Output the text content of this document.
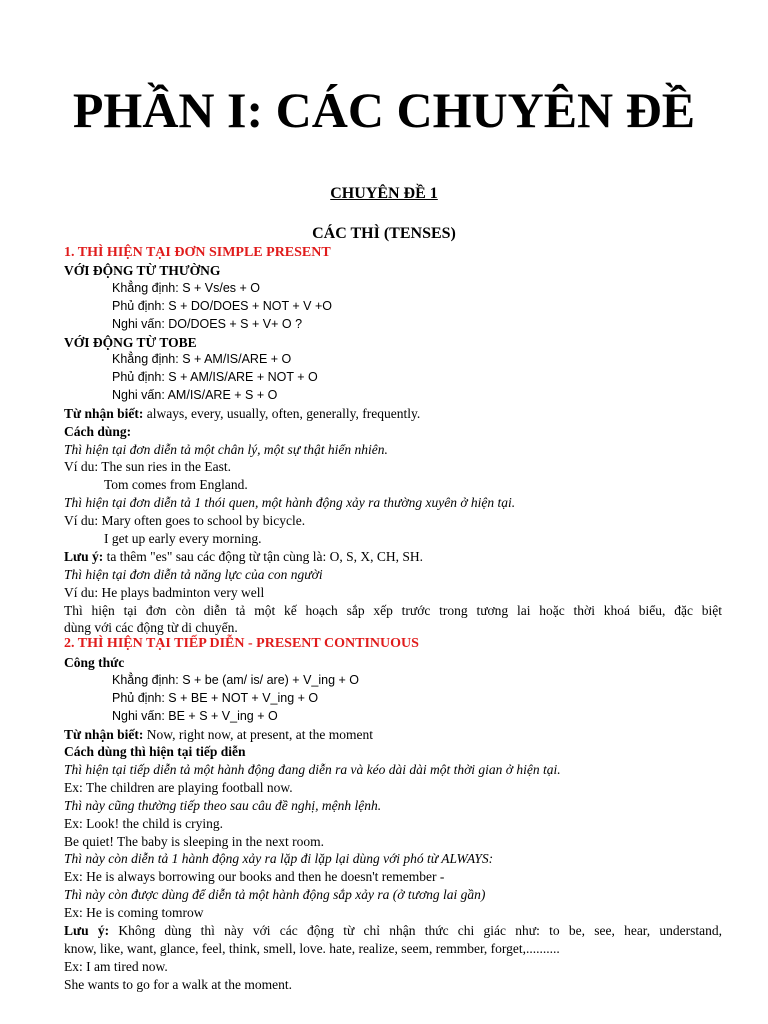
PHẦN I: CÁC CHUYÊN ĐỀ
CHUYÊN ĐỀ 1
CÁC THÌ (TENSES)
1. THÌ HIỆN TẠI ĐƠN SIMPLE PRESENT
VỚI ĐỘNG TỪ THƯỜNG
Khẳng định: S + Vs/es + O
Phủ định: S + DO/DOES + NOT + V +O
Nghi vấn: DO/DOES + S + V+ O ?
VỚI ĐỘNG TỪ TOBE
Khẳng định: S + AM/IS/ARE + O
Phủ định: S + AM/IS/ARE + NOT + O
Nghi vấn: AM/IS/ARE + S + O
Từ nhận biết: always, every, usually, often, generally, frequently.
Cách dùng:
Thì hiện tại đơn diễn tả một chân lý, một sự thật hiển nhiên.
Ví du: The sun ries in the East.
Tom comes from England.
Thì hiện tại đơn diễn tả 1 thói quen, một hành động xảy ra thường xuyên ở hiện tại.
Ví du: Mary often goes to school by bicycle.
I get up early every morning.
Lưu ý: ta thêm "es" sau các động từ tận cùng là: O, S, X, CH, SH.
Thì hiện tại đơn diễn tả năng lực của con người
Ví du: He plays badminton very well
Thì hiện tại đơn còn diễn tả một kế hoạch sắp xếp trước trong tương lai hoặc thời khoá biểu, đặc biệt
dùng với các động từ di chuyển.
2. THÌ HIỆN TẠI TIẾP DIỄN - PRESENT CONTINUOUS
Công thức
Khẳng định: S + be (am/ is/ are) + V_ing + O
Phủ định: S + BE + NOT + V_ing + O
Nghi vấn: BE + S + V_ing + O
Từ nhận biết: Now, right now, at present, at the moment
Cách dùng thì hiện tại tiếp diễn
Thì hiện tại tiếp diễn tả một hành động đang diễn ra và kéo dài dài một thời gian ở hiện tại.
Ex: The children are playing football now.
Thì này cũng thường tiếp theo sau câu đề nghị, mệnh lệnh.
Ex: Look! the child is crying.
Be quiet! The baby is sleeping in the next room.
Thì này còn diễn tả 1 hành động xảy ra lặp đi lặp lại dùng với phó từ ALWAYS:
Ex: He is always borrowing our books and then he doesn't remember -
Thì này còn được dùng để diễn tả một hành động sắp xảy ra (ở tương lai gần)
Ex: He is coming tomrow
Lưu ý: Không dùng thì này với các động từ chỉ nhận thức chi giác như: to be, see, hear, understand,
know, like, want, glance, feel, think, smell, love. hate, realize, seem, remmber, forget,..........
Ex: I am tired now.
She wants to go for a walk at the moment.
